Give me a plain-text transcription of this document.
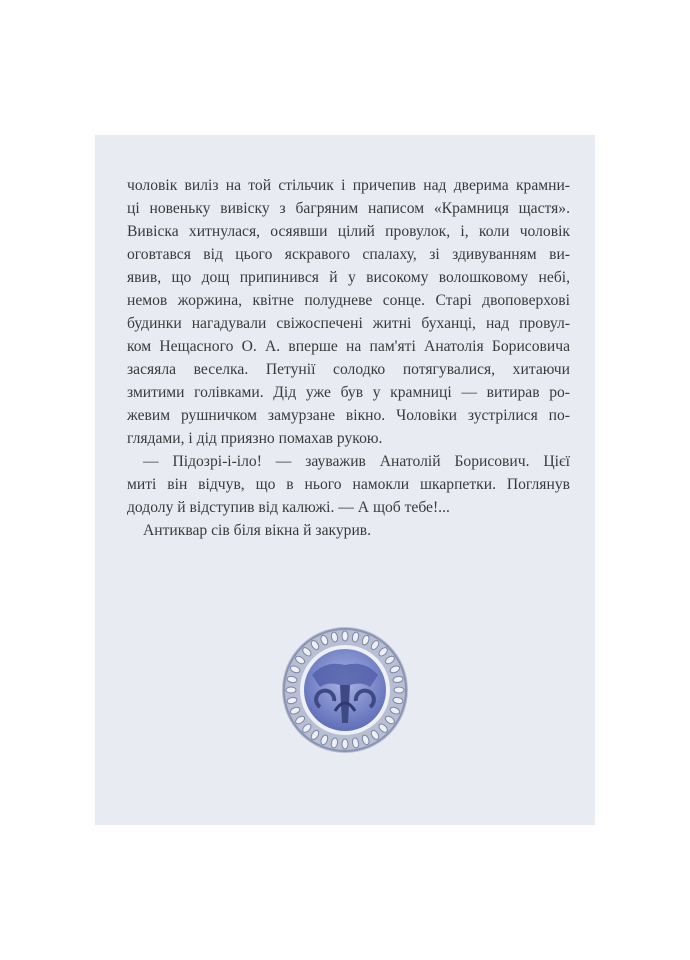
чоловік виліз на той стільчик і причепив над дверима крамни-
ці новеньку вивіску з багряним написом «Крамниця щастя».
Вивіска хитнулася, осяявши цілий провулок, і, коли чоловік
оговтався від цього яскравого спалаху, зі здивуванням ви-
явив, що дощ припинився й у високому волошковому небі,
немов жоржина, квітне полудневе сонце. Старі двоповерхові
будинки нагадували свіжоспечені житні буханці, над провул-
ком Нещасного О. А. вперше на пам'яті Анатолія Борисовича
засяяла веселка. Петунії солодко потягувалися, хитаючи
змитими голівками. Дід уже був у крамниці — витирав ро-
жевим рушничком замурзане вікно. Чоловіки зустрілися по-
глядами, і дід приязно помахав рукою.
— Підозрі-і-іло! — зауважив Анатолій Борисович. Цієї
миті він відчув, що в нього намокли шкарпетки. Поглянув
додолу й відступив від калюжі. — А щоб тебе!...
Антиквар сів біля вікна й закурив.
